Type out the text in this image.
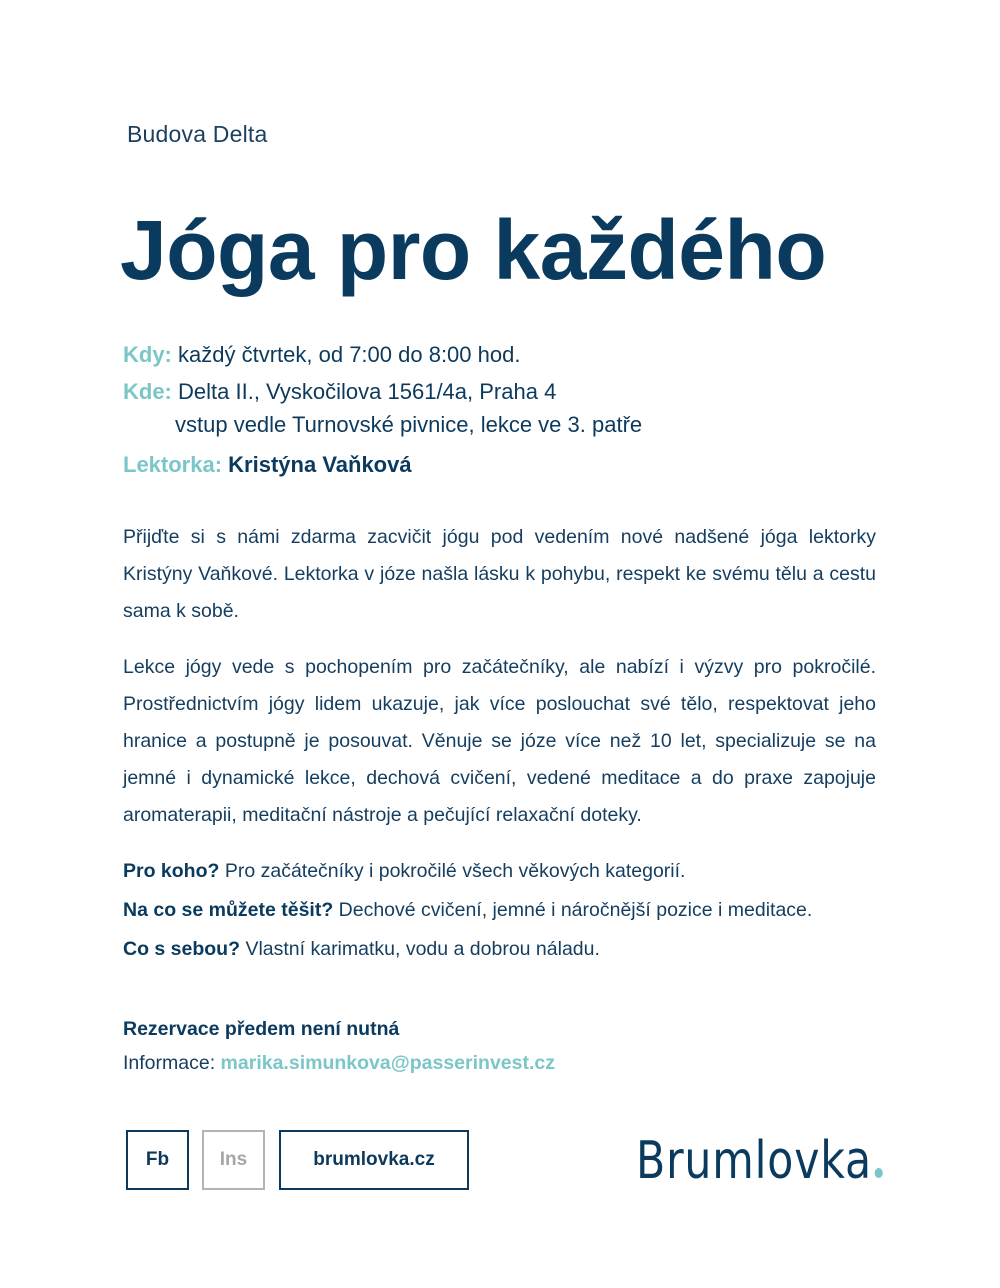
Budova Delta
Jóga pro každého
Kdy: každý čtvrtek, od 7:00 do 8:00 hod.
Kde: Delta II., Vyskočilova 1561/4a, Praha 4
vstup vedle Turnovské pivnice, lekce ve 3. patře
Lektorka: Kristýna Vaňková

Přijďte si s námi zdarma zacvičit jógu pod vedením nové nadšené jóga lektorky Kristýny Vaňkové. Lektorka v józe našla lásku k pohybu, respekt ke svému tělu a cestu sama k sobě.

Lekce jógy vede s pochopením pro začátečníky, ale nabízí i výzvy pro pokročilé. Prostřednictvím jógy lidem ukazuje, jak více poslouchat své tělo, respektovat jeho hranice a postupně je posouvat. Věnuje se józe více než 10 let, specializuje se na jemné i dynamické lekce, dechová cvičení, vedené meditace a do praxe zapojuje aromaterapii, meditační nástroje a pečující relaxační doteky.

Pro koho? Pro začátečníky i pokročilé všech věkových kategorií.
Na co se můžete těšit? Dechové cvičení, jemné i náročnější pozice i meditace.
Co s sebou? Vlastní karimatku, vodu a dobrou náladu.
Rezervace předem není nutná
Informace: marika.simunkova@passerinvest.cz
Fb	Ins	brumlovka.cz	Brumlovka
